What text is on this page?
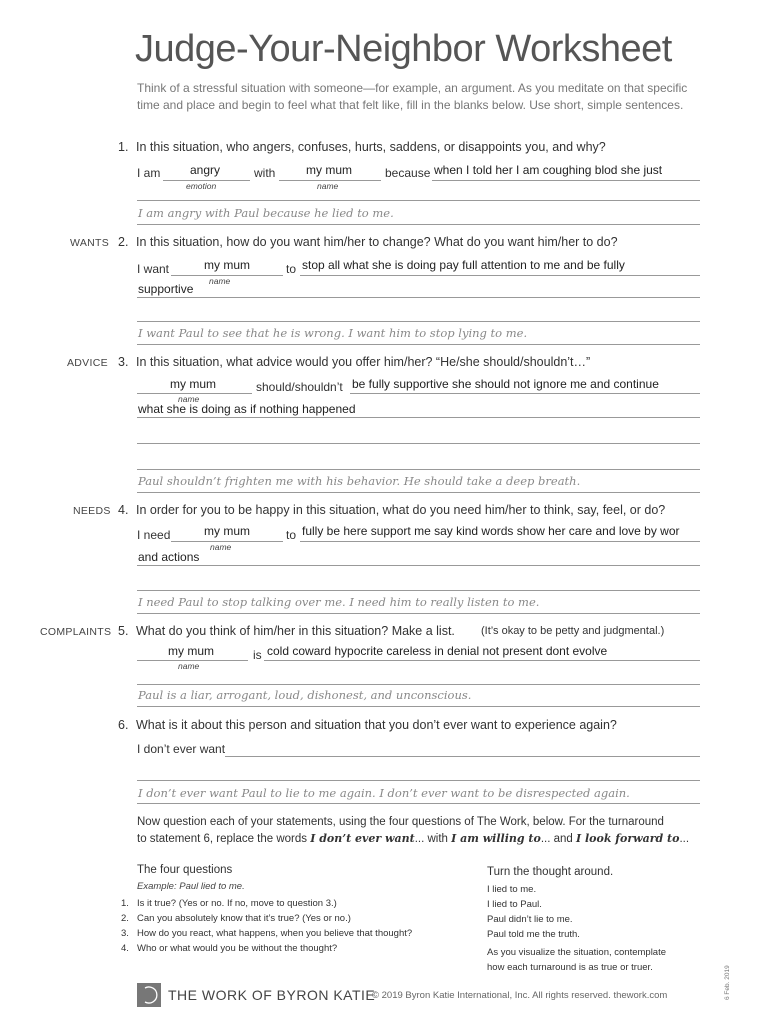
Judge-Your-Neighbor Worksheet
Think of a stressful situation with someone—for example, an argument. As you meditate on that specific time and place and begin to feel what that felt like, fill in the blanks below. Use short, simple sentences.
1. In this situation, who angers, confuses, hurts, saddens, or disappoints you, and why?
I am angry
emotion
with	my mum
name
because when I told her I am coughing blod she just
I am angry with Paul because he lied to me.
WANTS 2. In this situation, how do you want him/her to change? What do you want him/her to do?
I want	my mum
name
to stop all what she is doing pay full attention to me and be fully
supportive
I want Paul to see that he is wrong. I want him to stop lying to me.
ADVICE 3. In this situation, what advice would you offer him/her? “He/she should/shouldn’t…”
my mum
name
should/shouldn’t be fully supportive she should not ignore me and continue
what she is doing as if nothing happened
Paul shouldn’t frighten me with his behavior. He should take a deep breath.
NEEDS 4. In order for you to be happy in this situation, what do you need him/her to think, say, feel, or do?
I need	my mum
name
to fully be here support me say kind words show her care and love by wor
and actions
I need Paul to stop talking over me. I need him to really listen to me.
COMPLAINTS 5. What do you think of him/her in this situation? Make a list. (It’s okay to be petty and judgmental.)
my mum
name
is cold coward hypocrite careless in denial not present dont evolve
Paul is a liar, arrogant, loud, dishonest, and unconscious.
6. What is it about this person and situation that you don’t ever want to experience again?
I don’t ever want
I don’t ever want Paul to lie to me again. I don’t ever want to be disrespected again.
Now question each of your statements, using the four questions of The Work, below. For the turnaround
to statement 6, replace the words I don’t ever want... with I am willing to... and I look forward to...
The four questions
Example: Paul lied to me.
1. Is it true? (Yes or no. If no, move to question 3.)
2. Can you absolutely know that it’s true? (Yes or no.)
3. How do you react, what happens, when you believe that thought?
4. Who or what would you be without the thought?
Turn the thought around.
I lied to me.
I lied to Paul.
Paul didn’t lie to me.
Paul told me the truth.
As you visualize the situation, contemplate
how each turnaround is as true or truer.
THE WORK OF BYRON KATIE
© 2019 Byron Katie International, Inc. All rights reserved. thework.com	6 Feb. 2019
